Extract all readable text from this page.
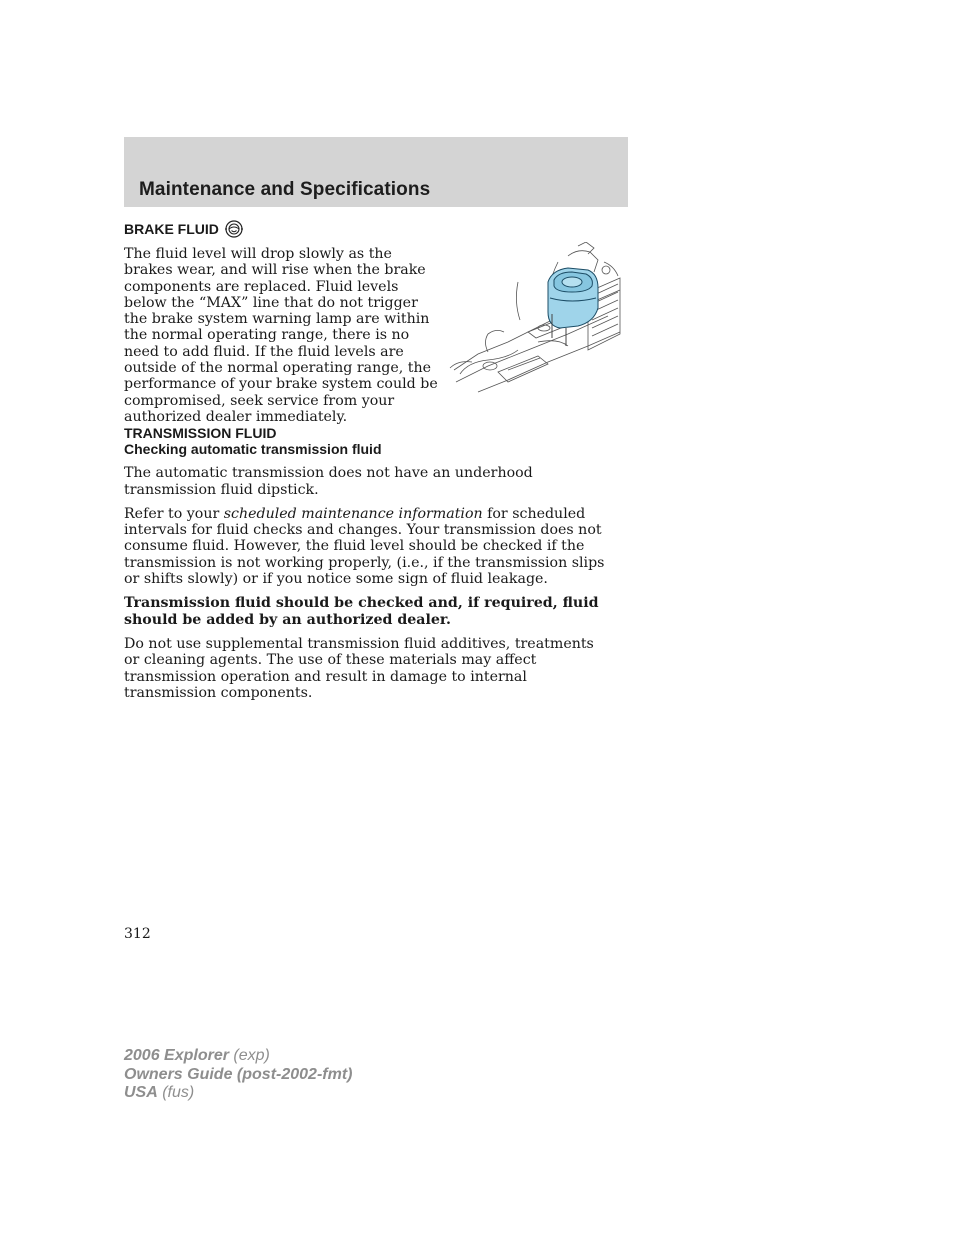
Maintenance and Specifications
BRAKE FLUID

The fluid level will drop slowly as the brakes wear, and will rise when the brake components are replaced. Fluid levels below the “MAX” line that do not trigger the brake system warning lamp are within the normal operating range, there is no need to add fluid. If the fluid levels are outside of the normal operating range, the performance of your brake system could be compromised, seek service from your authorized dealer immediately.

TRANSMISSION FLUID
Checking automatic transmission fluid

The automatic transmission does not have an underhood transmission fluid dipstick.

Refer to your scheduled maintenance information for scheduled intervals for fluid checks and changes. Your transmission does not consume fluid. However, the fluid level should be checked if the transmission is not working properly, (i.e., if the transmission slips or shifts slowly) or if you notice some sign of fluid leakage.

Transmission fluid should be checked and, if required, fluid should be added by an authorized dealer.

Do not use supplemental transmission fluid additives, treatments or cleaning agents. The use of these materials may affect transmission operation and result in damage to internal transmission components.

312
2006 Explorer (exp)
Owners Guide (post-2002-fmt)
USA (fus)
